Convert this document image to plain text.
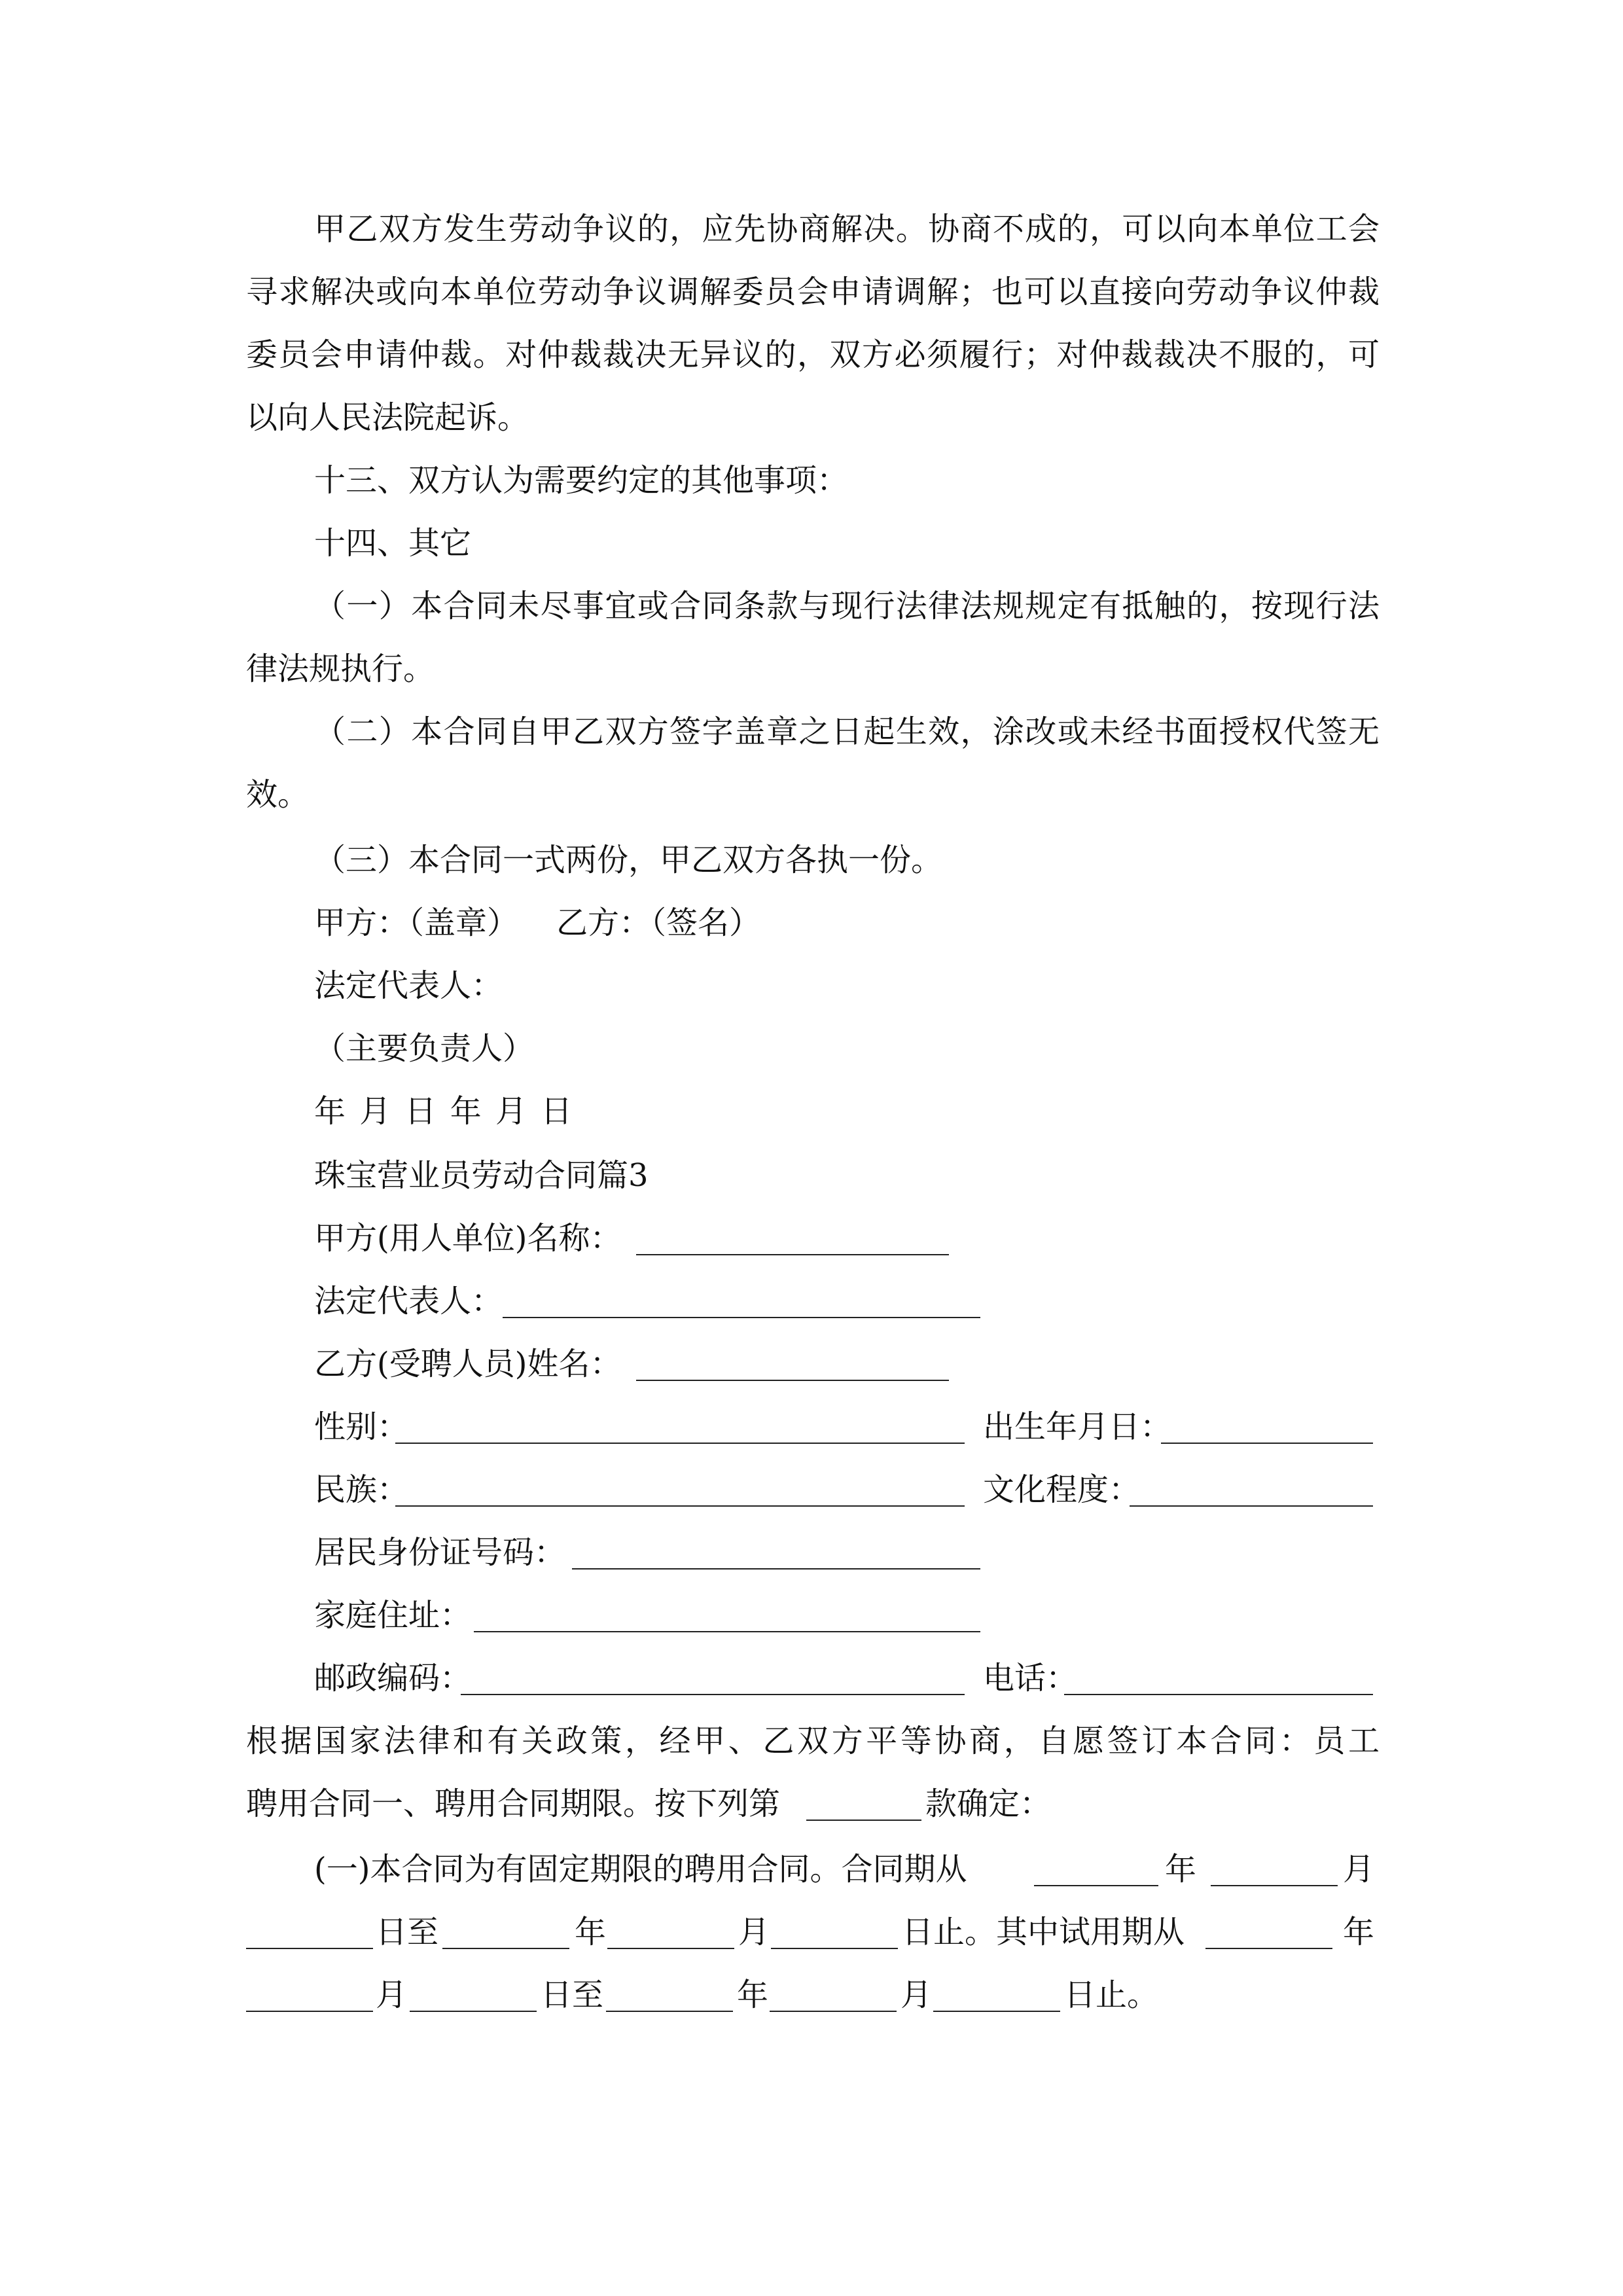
甲乙双方发生劳动争议的，应先协商解决。协商不成的，可以向本单位工会
寻求解决或向本单位劳动争议调解委员会申请调解；也可以直接向劳动争议仲裁
委员会申请仲裁。对仲裁裁决无异议的，双方必须履行；对仲裁裁决不服的，可
以向人民法院起诉。
十三、双方认为需要约定的其他事项：
十四、其它
（一）本合同未尽事宜或合同条款与现行法律法规规定有抵触的，按现行法
律法规执行。
（二）本合同自甲乙双方签字盖章之日起生效，涂改或未经书面授权代签无
效。
（三）本合同一式两份，甲乙双方各执一份。
甲方：（盖章） 乙方：（签名）
法定代表人：
（主要负责人）
年 月 日 年 月 日
珠宝营业员劳动合同篇3
甲方(用人单位)名称：
法定代表人：
乙方(受聘人员)姓名：
性别：	出生年月日：
民族：	文化程度：
居民身份证号码：
家庭住址：
邮政编码：	电话：
根据国家法律和有关政策，经甲、乙双方平等协商，自愿签订本合同：员工
聘用合同一、聘用合同期限。按下列第	款确定：
(一)本合同为有固定期限的聘用合同。合同期从	年	月
日至	年	月	日止。其中试用期从	年
月	日至	年	月	日止。
